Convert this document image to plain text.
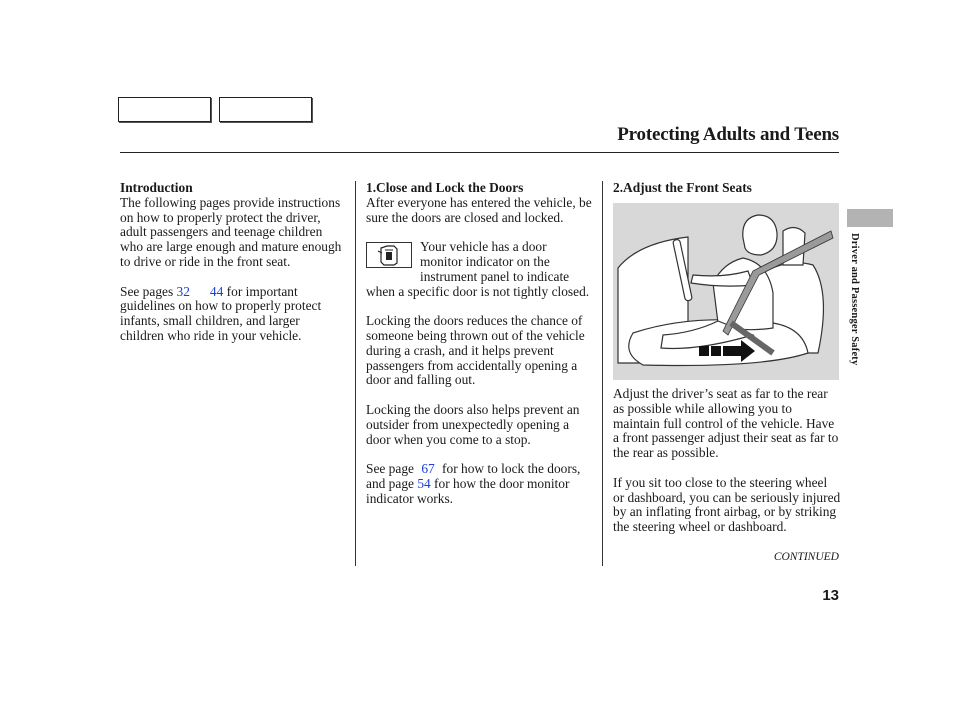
Protecting Adults and Teens
Introduction

The following pages provide instructions on how to properly protect the driver, adult passengers and teenage children who are large enough and mature enough to drive or ride in the front seat.

See pages 32 44 for important guidelines on how to properly protect infants, small children, and larger children who ride in your vehicle.

1.Close and Lock the Doors

After everyone has entered the vehicle, be sure the doors are closed and locked.

Your vehicle has a door monitor indicator on the instrument panel to indicate when a specific door is not tightly closed.

Locking the doors reduces the chance of someone being thrown out of the vehicle during a crash, and it helps prevent passengers from accidentally opening a door and falling out.

Locking the doors also helps prevent an outsider from unexpectedly opening a door when you come to a stop.

See page 67 for how to lock the doors, and page 54 for how the door monitor indicator works.

2.Adjust the Front Seats

Adjust the driver’s seat as far to the rear as possible while allowing you to maintain full control of the vehicle. Have a front passenger adjust their seat as far to the rear as possible.

If you sit too close to the steering wheel or dashboard, you can be seriously injured by an inflating front airbag, or by striking the steering wheel or dashboard.

CONTINUED
Driver and Passenger Safety
13
